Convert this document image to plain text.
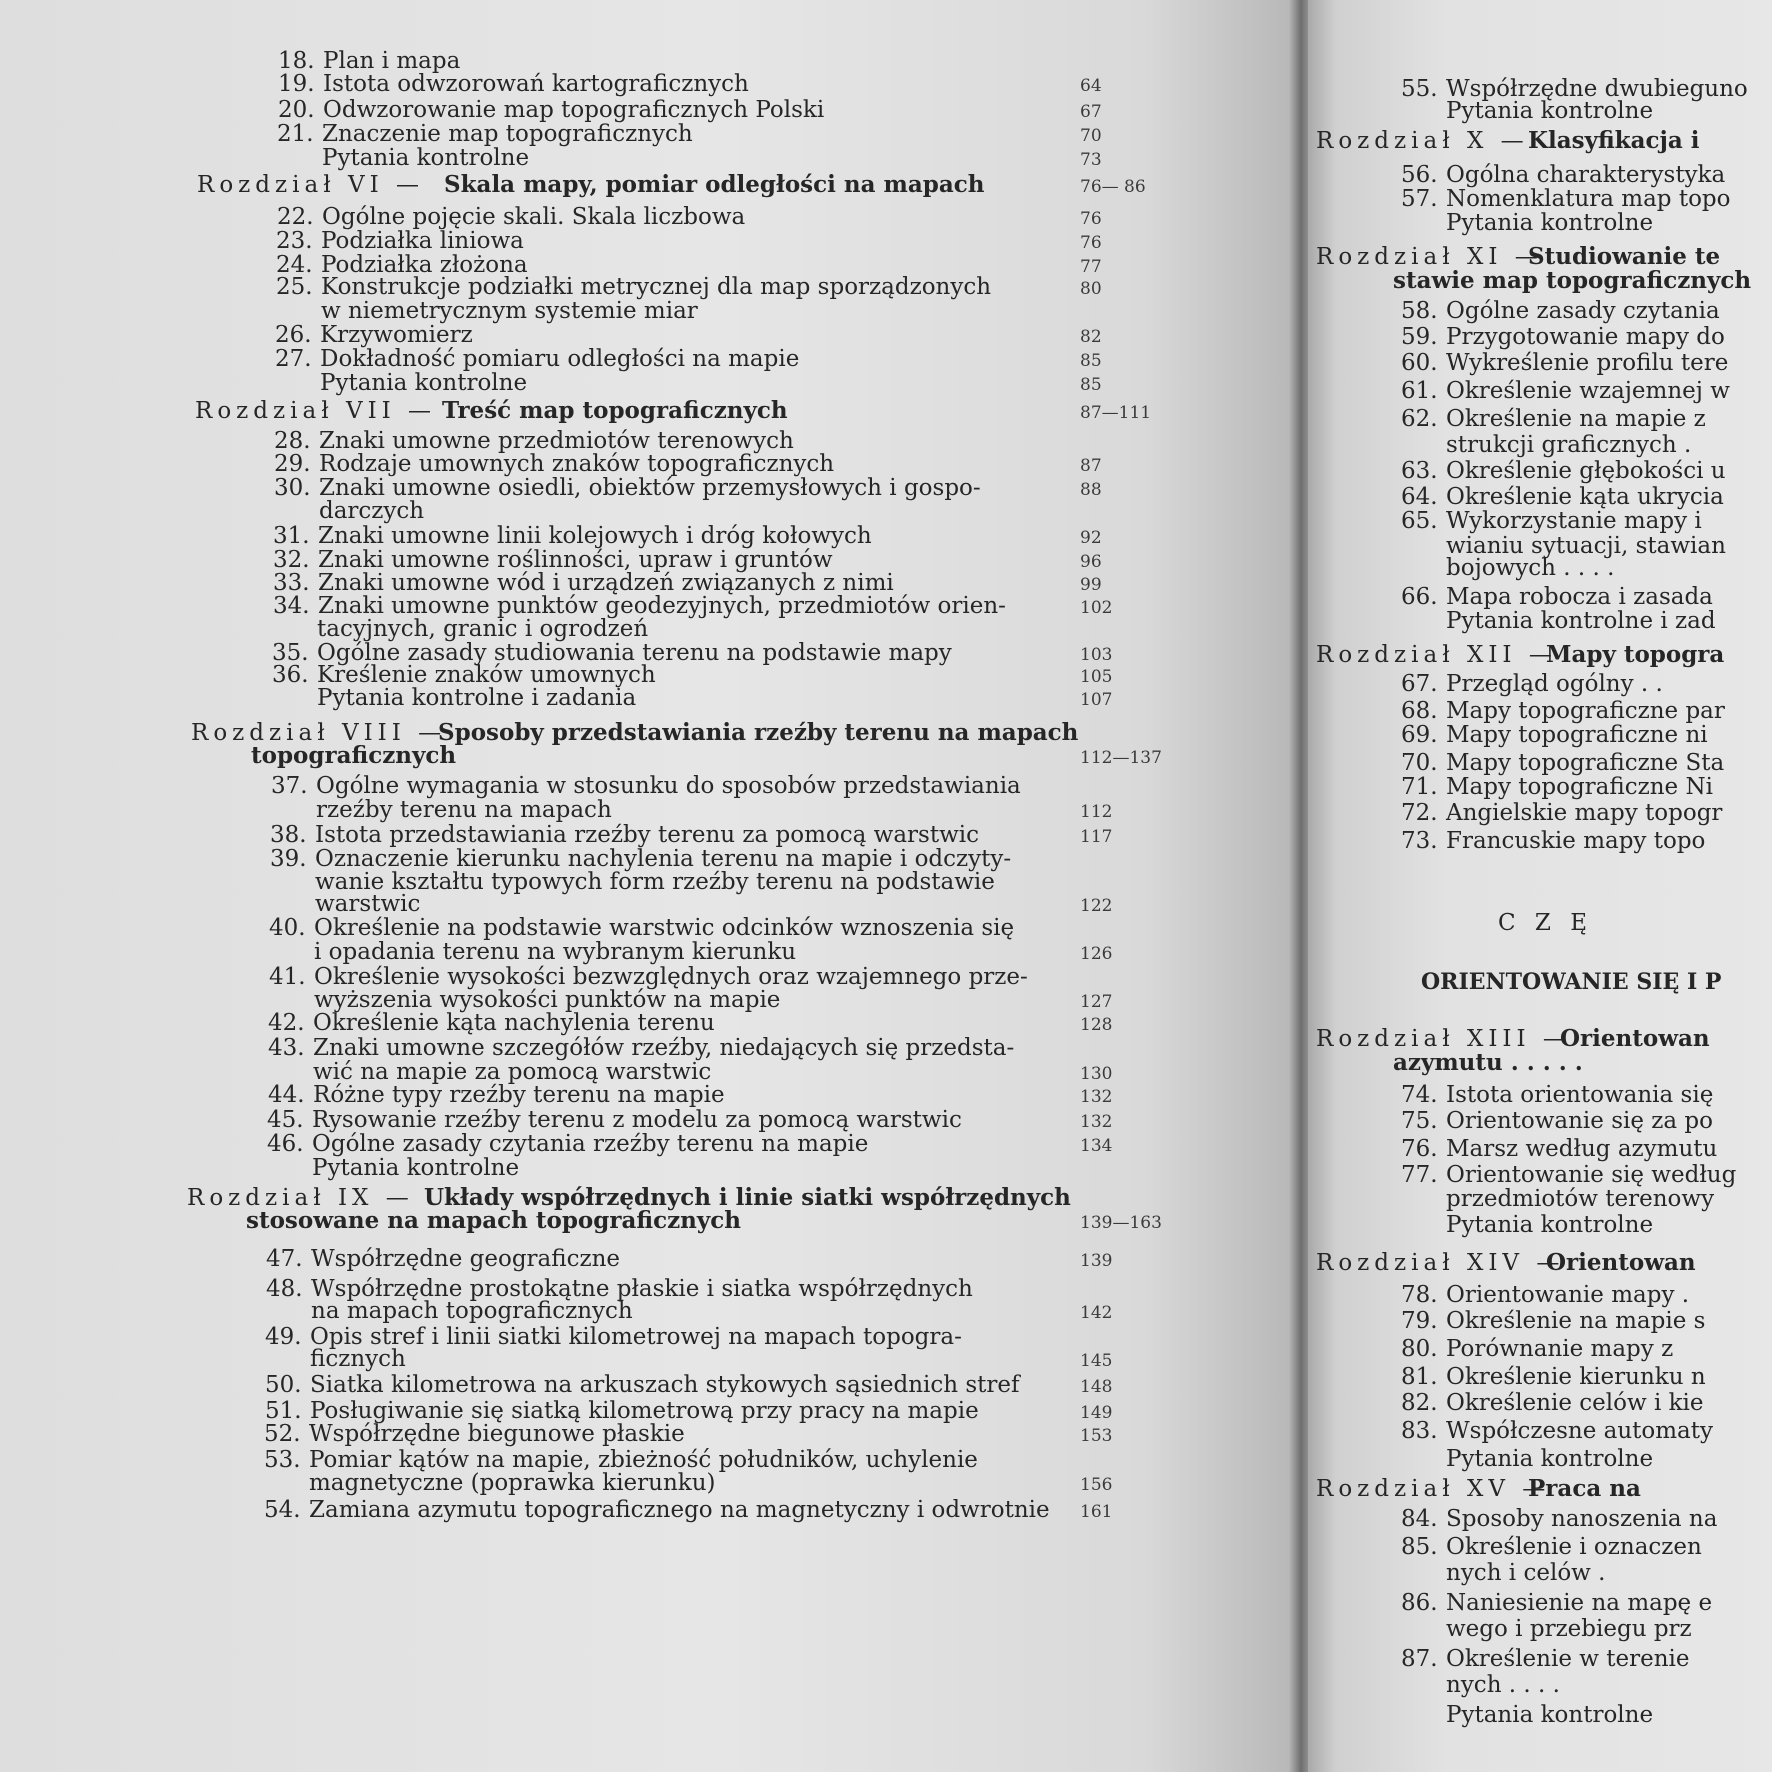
18. Plan i mapa
19. Istota odwzorowań kartograficznych	64
20. Odwzorowanie map topograficznych Polski	67
21. Znaczenie map topograficznych	70
Pytania kontrolne	73
Rozdział VI — Skala mapy, pomiar odległości na mapach	76— 86
22. Ogólne pojęcie skali. Skala liczbowa	76
23. Podziałka liniowa	76
24. Podziałka złożona	77
25. Konstrukcje podziałki metrycznej dla map sporządzonych	80
w niemetrycznym systemie miar
26. Krzywomierz	82
27. Dokładność pomiaru odległości na mapie	85
Pytania kontrolne	85
Rozdział VII — Treść map topograficznych	87—111
28. Znaki umowne przedmiotów terenowych
29. Rodzaje umownych znaków topograficznych	87
30. Znaki umowne osiedli, obiektów przemysłowych i gospo-	88
darczych
31. Znaki umowne linii kolejowych i dróg kołowych	92
32. Znaki umowne roślinności, upraw i gruntów	96
33. Znaki umowne wód i urządzeń związanych z nimi	99
34. Znaki umowne punktów geodezyjnych, przedmiotów orien-	102
tacyjnych, granic i ogrodzeń
35. Ogólne zasady studiowania terenu na podstawie mapy	103
36. Kreślenie znaków umownych	105
Pytania kontrolne i zadania	107
Rozdział VIII —
Sposoby przedstawiania rzeźby terenu na mapach
topograficznych	112—137
37. Ogólne wymagania w stosunku do sposobów przedstawiania
rzeźby terenu na mapach	112
38. Istota przedstawiania rzeźby terenu za pomocą warstwic	117
39. Oznaczenie kierunku nachylenia terenu na mapie i odczyty-
wanie kształtu typowych form rzeźby terenu na podstawie
warstwic	122
40. Określenie na podstawie warstwic odcinków wznoszenia się
i opadania terenu na wybranym kierunku	126
41. Określenie wysokości bezwzględnych oraz wzajemnego prze-
wyższenia wysokości punktów na mapie	127
42. Określenie kąta nachylenia terenu	128
43. Znaki umowne szczegółów rzeźby, niedających się przedsta-
wić na mapie za pomocą warstwic	130
44. Różne typy rzeźby terenu na mapie	132
45. Rysowanie rzeźby terenu z modelu za pomocą warstwic	132
46. Ogólne zasady czytania rzeźby terenu na mapie	134
Pytania kontrolne
Rozdział IX — Układy współrzędnych i linie siatki współrzędnych
stosowane na mapach topograficznych	139—163
47. Współrzędne geograficzne	139
48. Współrzędne prostokątne płaskie i siatka współrzędnych
na mapach topograficznych	142
49. Opis stref i linii siatki kilometrowej na mapach topogra-
ficznych	145
50. Siatka kilometrowa na arkuszach stykowych sąsiednich stref	148
51. Posługiwanie się siatką kilometrową przy pracy na mapie	149
52. Współrzędne biegunowe płaskie	153
53. Pomiar kątów na mapie, zbieżność południków, uchylenie
magnetyczne (poprawka kierunku)	156
54. Zamiana azymutu topograficznego na magnetyczny i odwrotnie 161
C Z Ę
ORIENTOWANIE SIĘ I P
55. Współrzędne dwubieguno
Pytania kontrolne
Rozdział X — Klasyfikacja i
56. Ogólna charakterystyka
57. Nomenklatura map topo
Pytania kontrolne
Rozdział XI —
Studiowanie te
stawie map topograficznych
58. Ogólne zasady czytania
59. Przygotowanie mapy do
60. Wykreślenie profilu tere
61. Określenie wzajemnej w
62. Określenie na mapie z
strukcji graficznych .
63. Określenie głębokości u
64. Określenie kąta ukrycia
65. Wykorzystanie mapy i
wianiu sytuacji, stawian
bojowych . . . .
66. Mapa robocza i zasada
Pytania kontrolne i zad
Rozdział XII —
Mapy topogra
67. Przegląd ogólny . .
68. Mapy topograficzne par
69. Mapy topograficzne ni
70. Mapy topograficzne Sta
71. Mapy topograficzne Ni
72. Angielskie mapy topogr
73. Francuskie mapy topo
Rozdział XIII —
Orientowan
azymutu . . . . .
74. Istota orientowania się
75. Orientowanie się za po
76. Marsz według azymutu
77. Orientowanie się według
przedmiotów terenowy
Pytania kontrolne
Rozdział XIV —
Orientowan
78. Orientowanie mapy .
79. Określenie na mapie s
80. Porównanie mapy z
81. Określenie kierunku n
82. Określenie celów i kie
83. Współczesne automaty
Pytania kontrolne
Rozdział XV —
Praca na
84. Sposoby nanoszenia na
85. Określenie i oznaczen
nych i celów .
86. Naniesienie na mapę e
wego i przebiegu prz
87. Określenie w terenie
nych . . . .
Pytania kontrolne
